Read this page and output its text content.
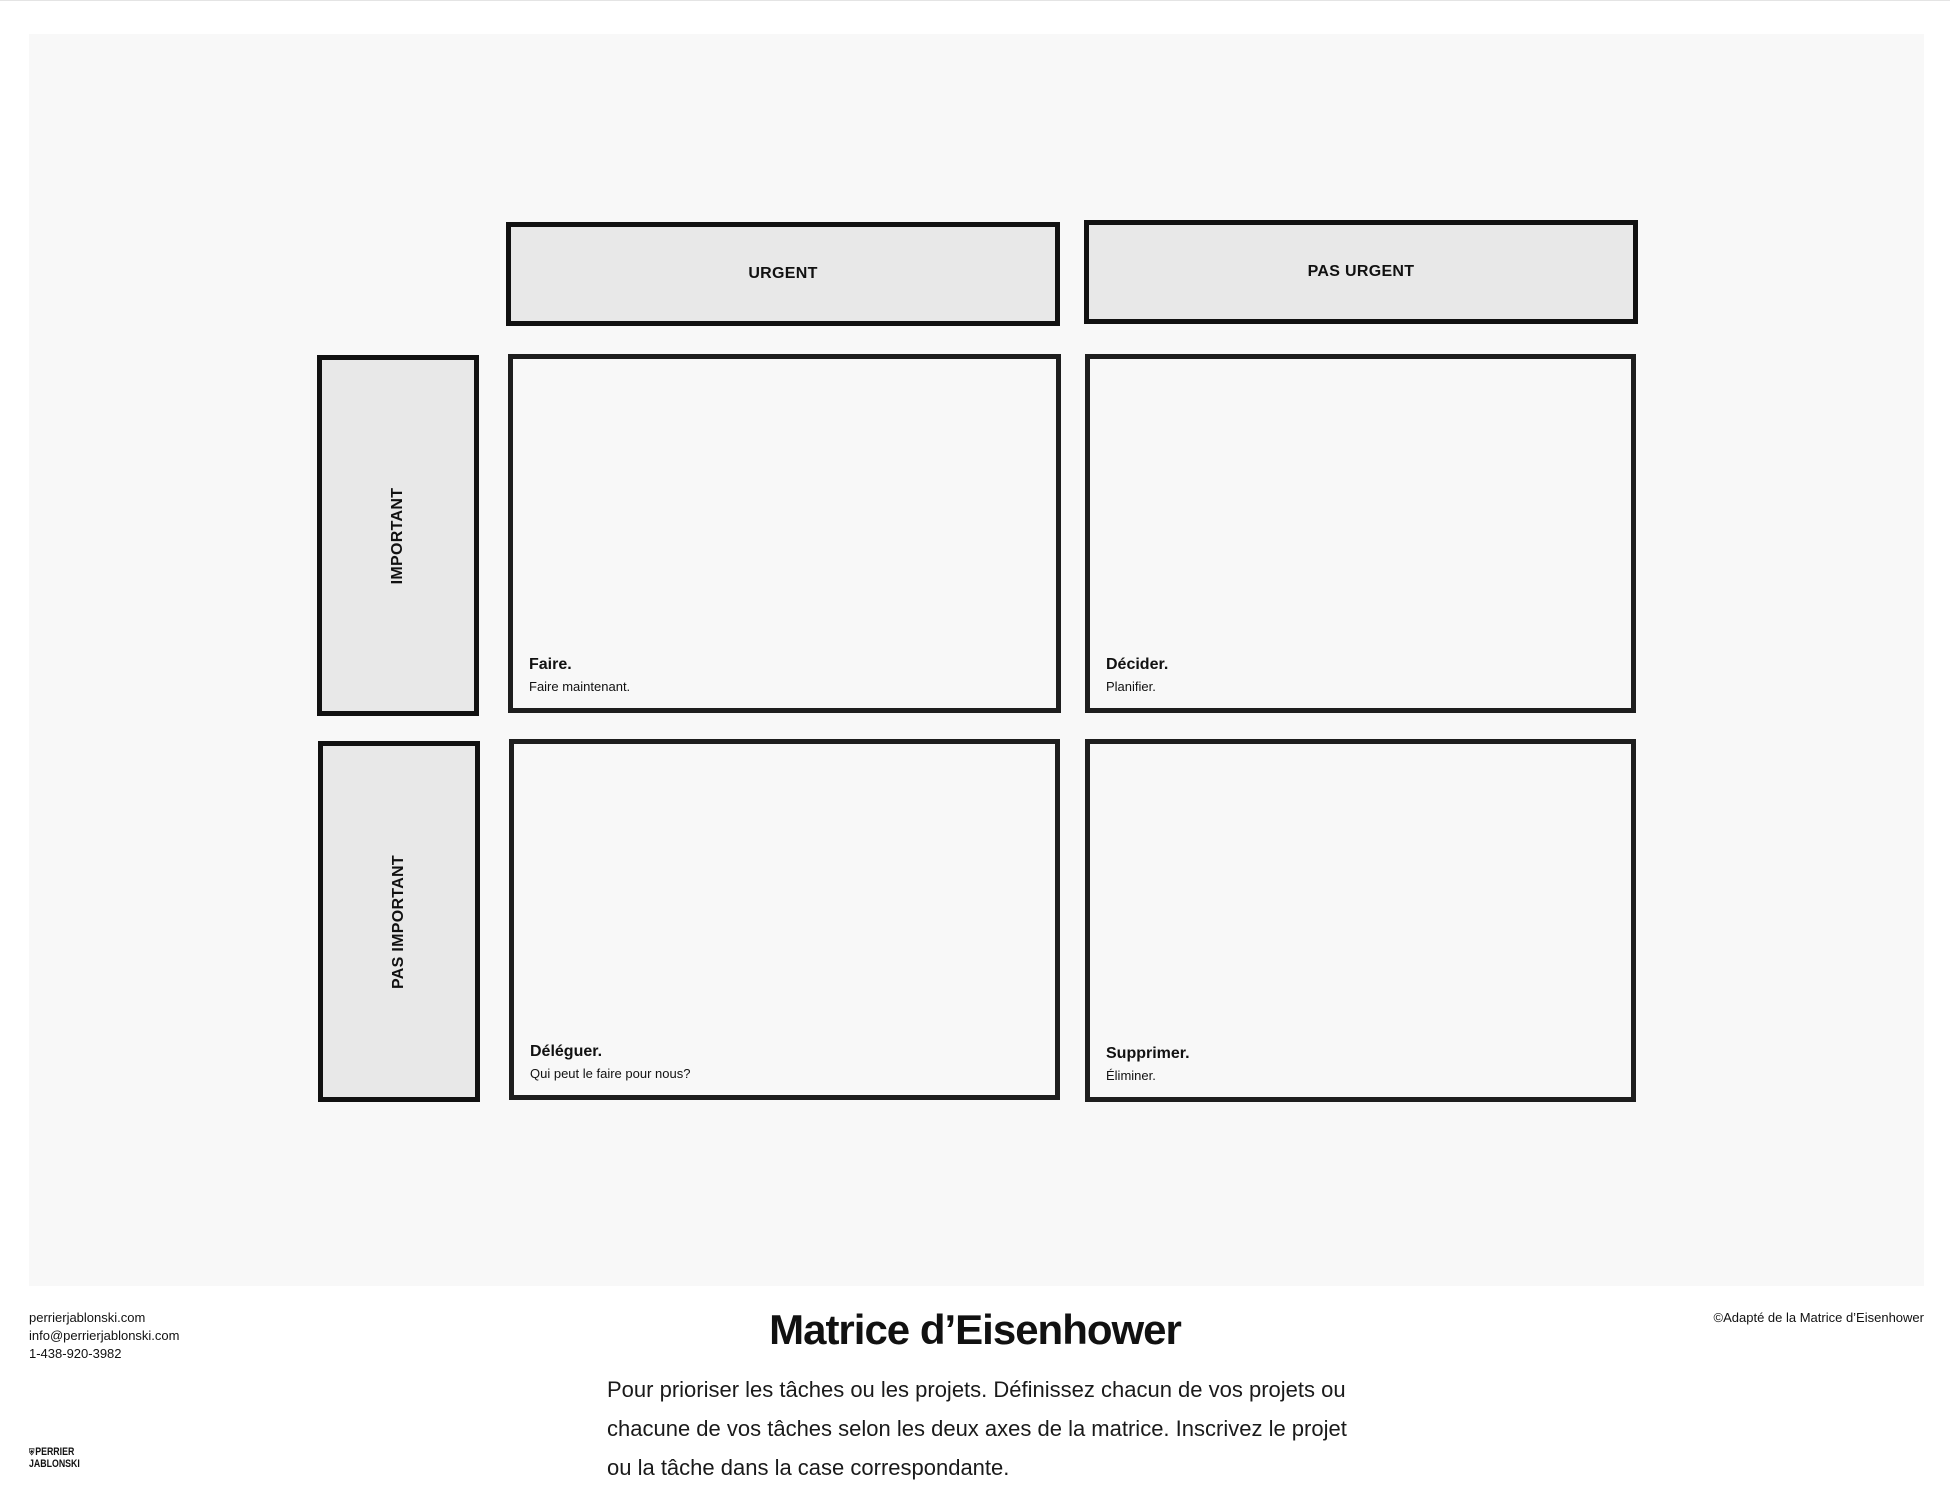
URGENT	PAS URGENT
IMPORTANT
PAS IMPORTANT
Faire.
Faire maintenant.
Décider.
Planifier.
Déléguer.
Qui peut le faire pour nous?
Supprimer.
Éliminer.
perrierjablonski.com
info@perrierjablonski.com
1-438-920-3982
Matrice d’Eisenhower
Pour prioriser les tâches ou les projets. Définissez chacun de vos projets ou chacune de vos tâches selon les deux axes de la matrice. Inscrivez le projet ou la tâche dans la case correspondante.
©Adapté de la Matrice d’Eisenhower
⛨PERRIER
JABLONSKI
